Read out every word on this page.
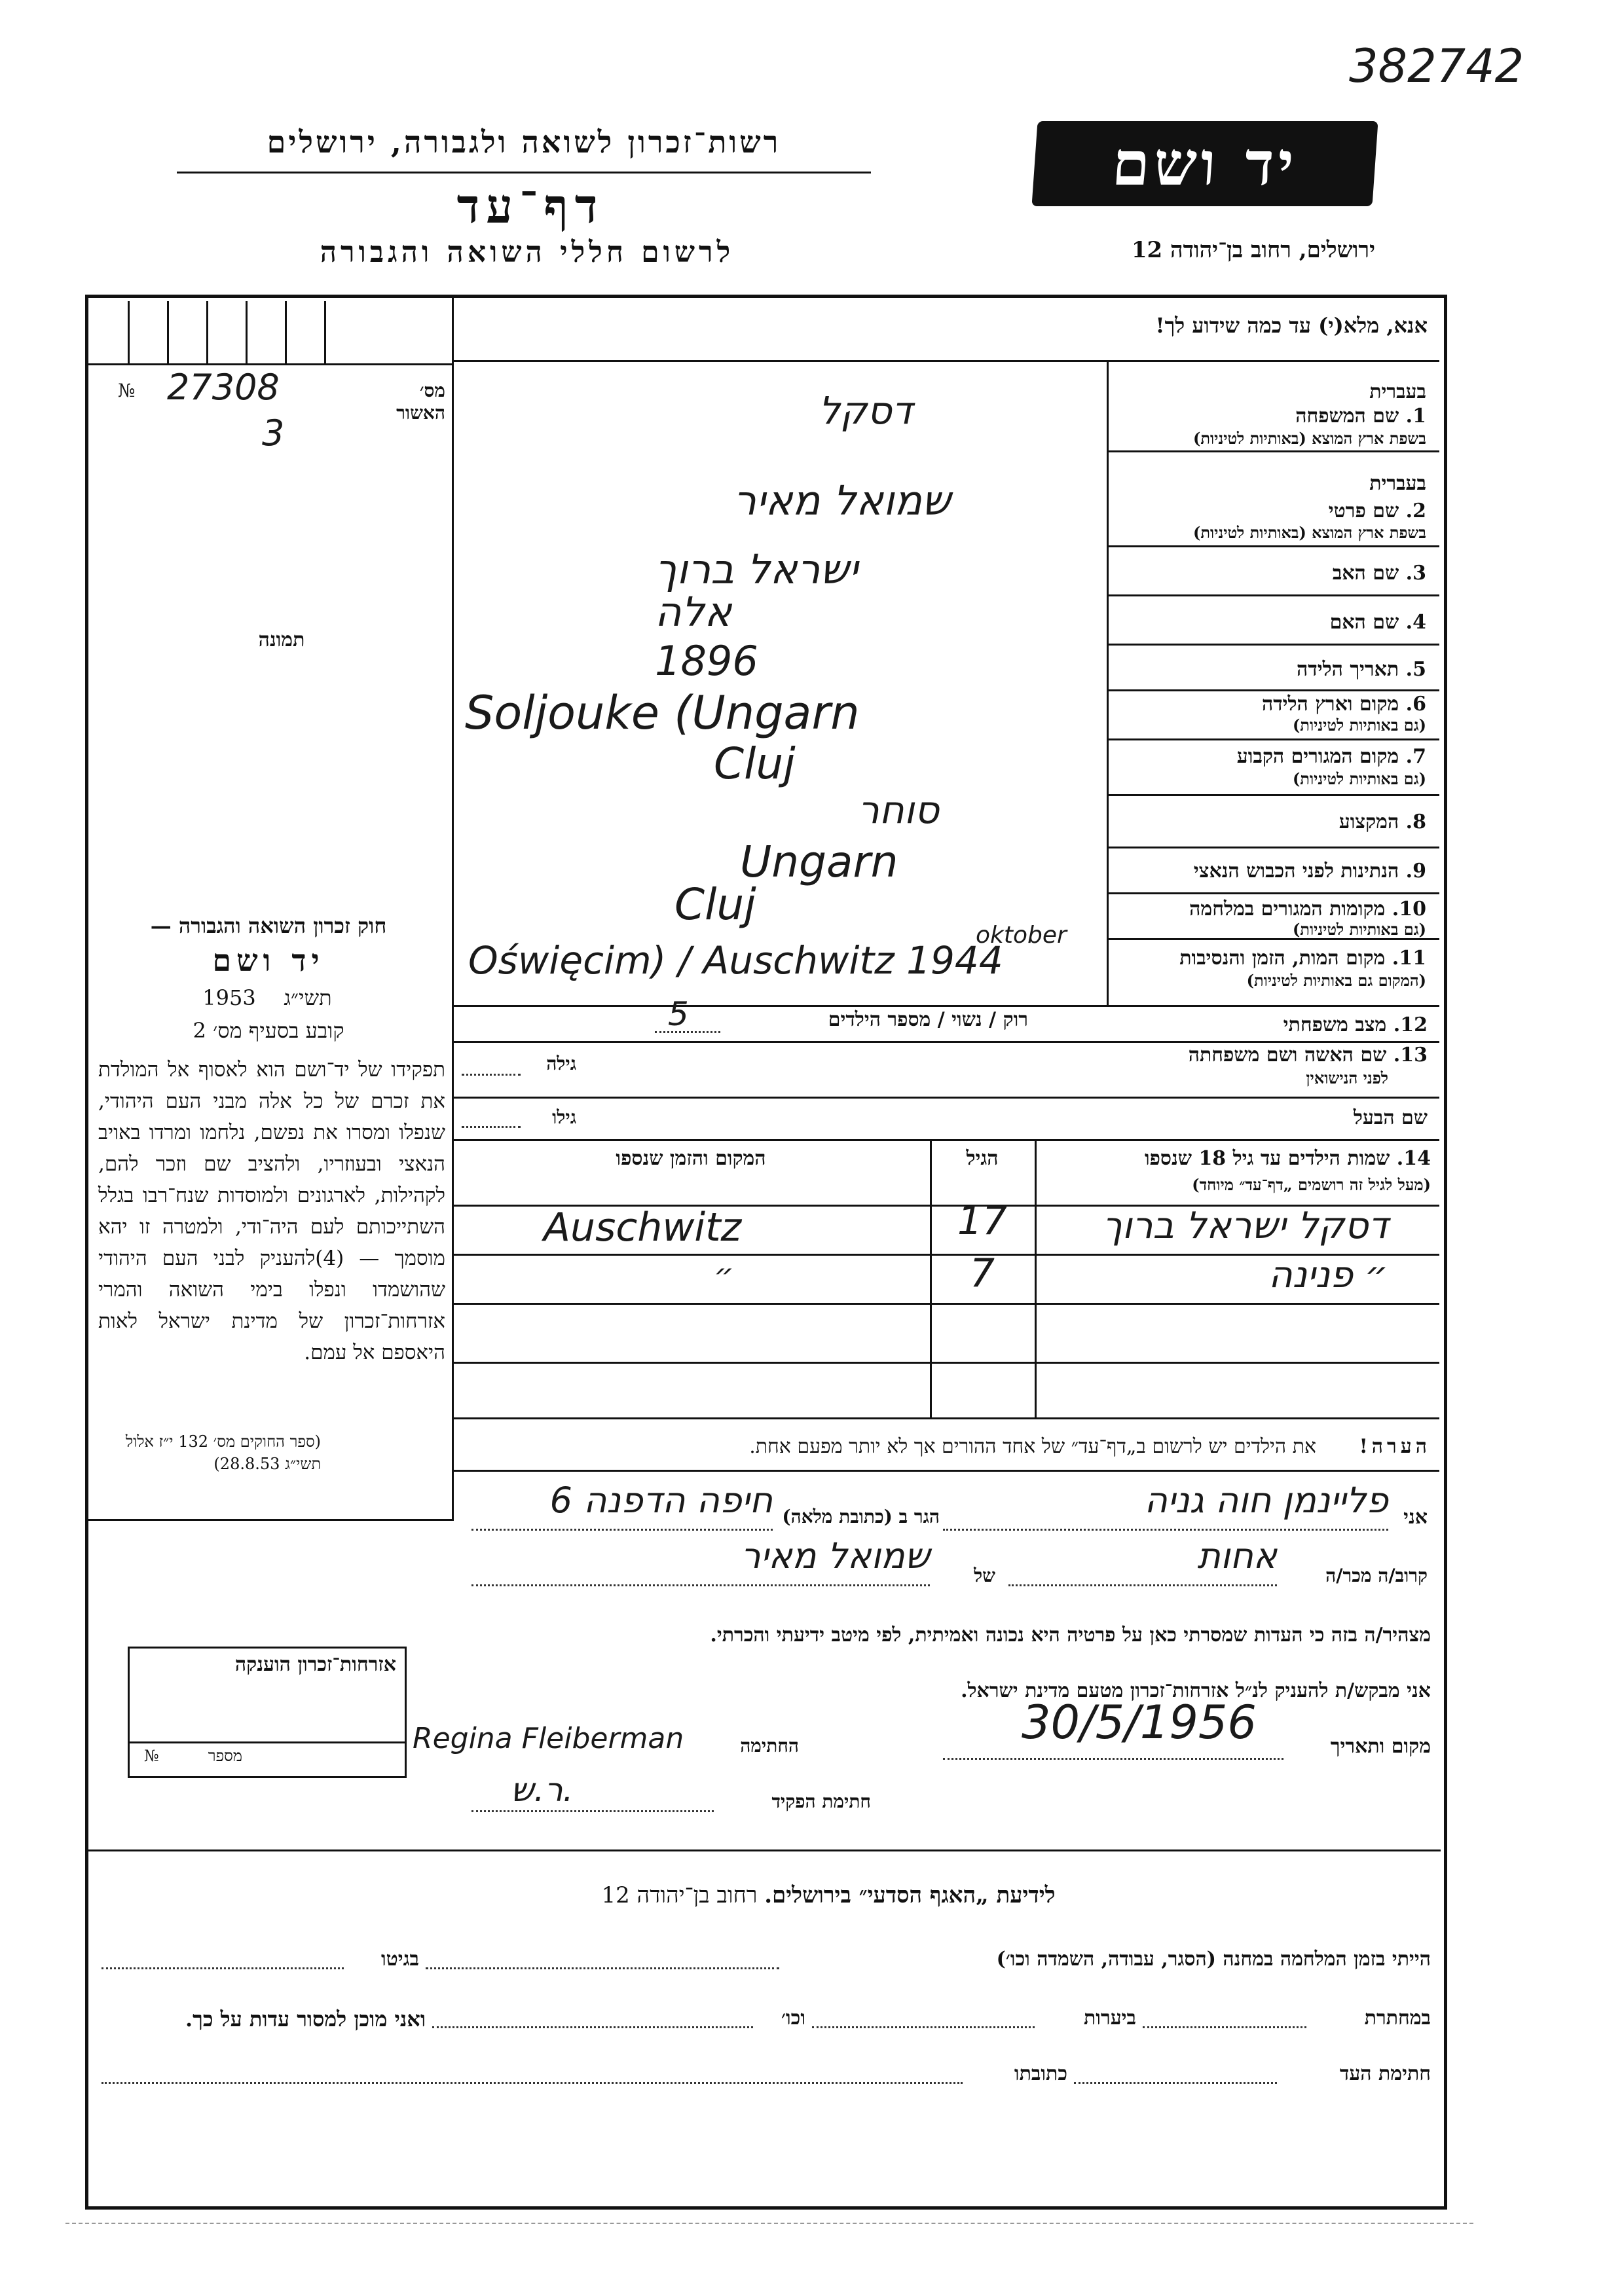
382742
רשות־זכרון לשואה ולגבורה, ירושלים
דף־עד
לרשום חללי השואה והגבורה
יד ושם
ירושלים, רחוב בן־יהודה 12
מס׳ האשור
№ 27308
3
תמונה
חוק זכרון השואה והגבורה —
יד ושם
1953	תשי״ג
קובע בסעיף מס׳ 2
תפקידו של יד־ושם הוא לאסוף אל המולדת את זכרם של כל אלה מבני העם היהודי, שנפלו ומסרו את נפשם, נלחמו ומרדו באויב הנאצי ובעוזריו, ולהציב שם וזכר להם, לקהילות, לארגונים ולמוסדות שנח־רבו בגלל השתייכותם לעם היה־ודי, ולמטרה זו יהא מוסמך — (4)להעניק לבני העם היהודי שהושמדו ונפלו בימי השואה והמרי אזרחות־זכרון של מדינת ישראל לאות היאספם אל עמם.
(ספר החוקים מס׳ 132 י״ז אלול תשי״ג 28.8.53)
אנא, מלא(י) עד כמה שידוע לך!
בעברית
1. שם המשפחה
בשפת ארץ המוצא (באותיות לטיניות)
דסקל
בעברית
2. שם פרטי
בשפת ארץ המוצא (באותיות לטיניות)
שמואל מאיר
3. שם האב
ישראל ברוך
4. שם האם
אלה
5. תאריך הלידה
1896
6. מקום וארץ הלידה
(גם באותיות לטיניות)
Soljouke (Ungarn
7. מקום המגורים הקבוע
(גם באותיות לטיניות)
Cluj
8. המקצוע
סוחר
9. הנתינות לפני הכבוש הנאצי
Ungarn
10. מקומות המגורים במלחמה
(גם באותיות לטיניות)
Cluj
11. מקום המות, הזמן והנסיבות
(המקום גם באותיות לטיניות)
Oświęcim) / Auschwitz 1944
oktober
12. מצב משפחתי
רוק / נשוי / מספר הילדים
5
13. שם האשה ושם משפחתה
לפני הנישואין
גילה
שם הבעל
גילו
14. שמות הילדים עד גיל 18 שנספו
(מעל לגיל זה רושמים „דף־עד״ מיוחד)
הגיל
המקום והזמן שנספו
דסקל ישראל ברוך
17
Auschwitz
״ פנינה
7
״
הערה!
את הילדים יש לרשום ב„דף־עד״ של אחד ההורים אך לא יותר מפעם אחת.
אני
פליינמן חוה גניה
הגר ב (כתובת מלאה)
חיפה הדפנה 6
קרוב/ה מכר/ה
אחות
של
שמואל מאיר
מצהיר/ה בזה כי העדות שמסרתי כאן על פרטיה היא נכונה ואמיתית, לפי מיטב ידיעתי והכרתי.
אני מבקש/ת להעניק לנ״ל אזרחות־זכרון מטעם מדינת ישראל.
מקום ותאריך
30/5/1956
החתימה
Regina Fleiberman
חתימת הפקיד
ר.ש.
אזרחות־זכרון הוענקה
מספר
№
לידיעת „האגף הסדעי״ בירושלים. רחוב בן־יהודה 12
הייתי בזמן המלחמה במחנה (הסגר, עבודה, השמדה וכו׳)
בגיטו
במחתרת
ביערות
וכו׳
ואני מוכן למסור עדות על כך.
חתימת העד
כתובתו
